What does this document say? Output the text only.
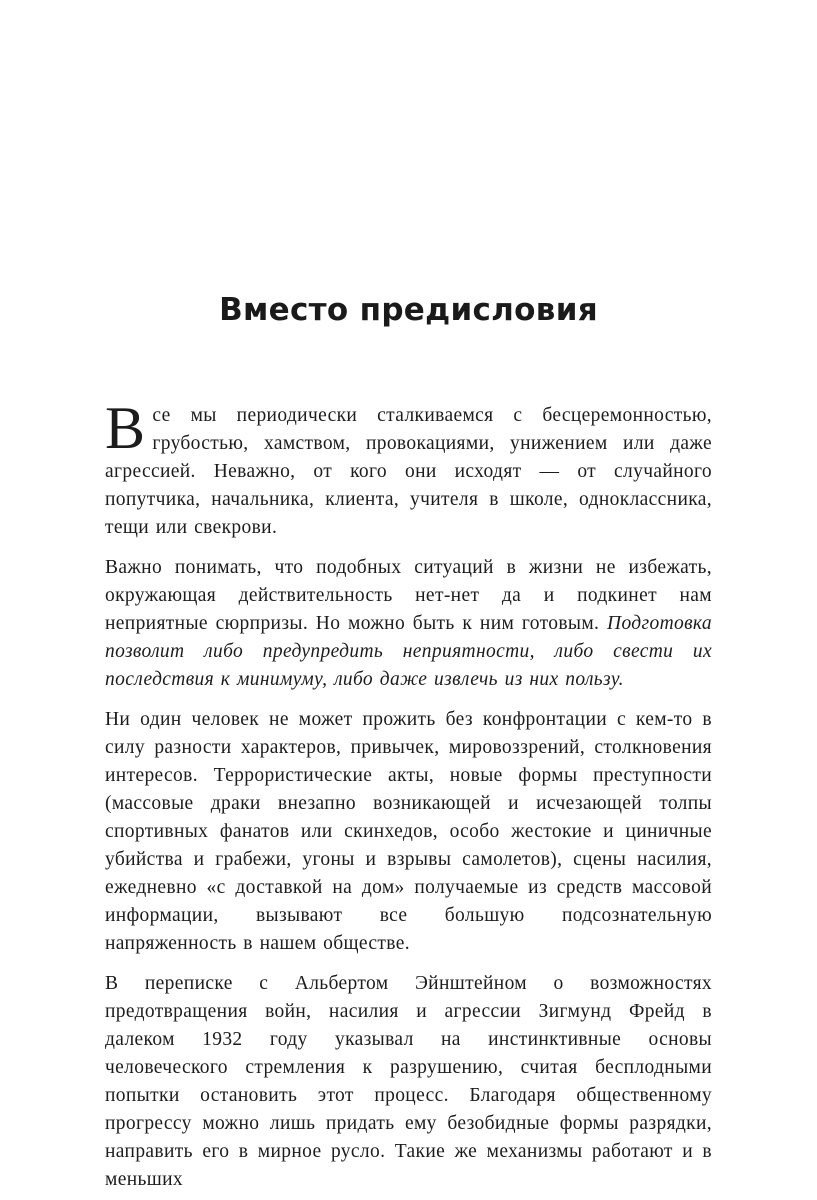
Вместо предисловия

Все мы периодически сталкиваемся с бесцеремонностью, грубостью, хамством, провокациями, унижением или даже агрессией. Неважно, от кого они исходят — от случайного попутчика, начальника, клиента, учителя в школе, одноклассника, тещи или свекрови.

Важно понимать, что подобных ситуаций в жизни не избежать, окружающая действительность нет-нет да и подкинет нам неприятные сюрпризы. Но можно быть к ним готовым. Подготовка позволит либо предупредить неприятности, либо свести их последствия к минимуму, либо даже извлечь из них пользу.

Ни один человек не может прожить без конфронтации с кем-то в силу разности характеров, привычек, мировоззрений, столкновения интересов. Террористические акты, новые формы преступности (массовые драки внезапно возникающей и исчезающей толпы спортивных фанатов или скинхедов, особо жестокие и циничные убийства и грабежи, угоны и взрывы самолетов), сцены насилия, ежедневно «с доставкой на дом» получаемые из средств массовой информации, вызывают все большую подсознательную напряженность в нашем обществе.

В переписке с Альбертом Эйнштейном о возможностях предотвращения войн, насилия и агрессии Зигмунд Фрейд в далеком 1932 году указывал на инстинктивные основы человеческого стремления к разрушению, считая бесплодными попытки остановить этот процесс. Благодаря общественному прогрессу можно лишь придать ему безобидные формы разрядки, направить его в мирное русло. Такие же механизмы работают и в меньших
